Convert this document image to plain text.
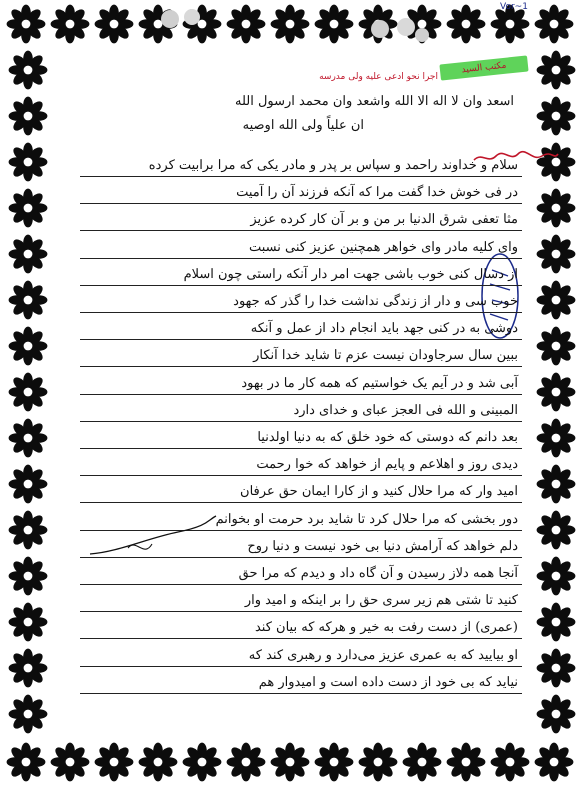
Vor~1
مکتب السید
اجرا نحو ادعی علیه ولی مدرسه
اسعد وان لا اله الا الله واشعد وان محمد ارسول الله
ان علیاً ولی الله اوصیه
سلام و خداوند راحمد و سپاس بر پدر و مادر یکی که مرا برابیت کرده
در فی خوش خدا گفت مرا که آنکه فرزند آن را آمیت
مثا تعفی شرق الدنیا بر من و بر آن کار کرده عزیز
وای کلیه مادر وای خواهر همچنین عزیز کنی نسبت
از دسال کنی خوب باشی جهت امر دار آنکه راستی چون اسلام
خوب سی و دار از زندگی نداشت خدا را گذر که جهود
دوشی به در کنی جهد باید انجام داد از عمل و آنکه
ببین سال سرجاودان نیست عزم تا شاید خدا آنکار
آبی شد و در آیم یک خواستیم که همه کار ما در بهود
المبینی و الله فی العجز عبای و خدای دارد
بعد دانم که دوستی که خود خلق که به دنیا اولدنیا
دیدی روز و اهلاعم و پایم از خواهد که خوا رحمت
امید وار که مرا حلال کنید و از کارا ایمان حق عرفان
دور بخشی که مرا حلال کرد تا شاید برد حرمت او بخوانم
دلم خواهد که آرامش دنیا بی خود نیست و دنیا روح
آنجا همه دلاز رسیدن و آن گاه داد و دیدم که مرا حق
کنید تا شتی هم زیر سری حق را بر اینکه و امید وار
(عمری) از دست رفت به خیر و هرکه که بیان کند
او بیایید که به عمری عزیز می‌دارد و رهبری کند که
نیاید که بی خود از دست داده است و امیدوار هم
